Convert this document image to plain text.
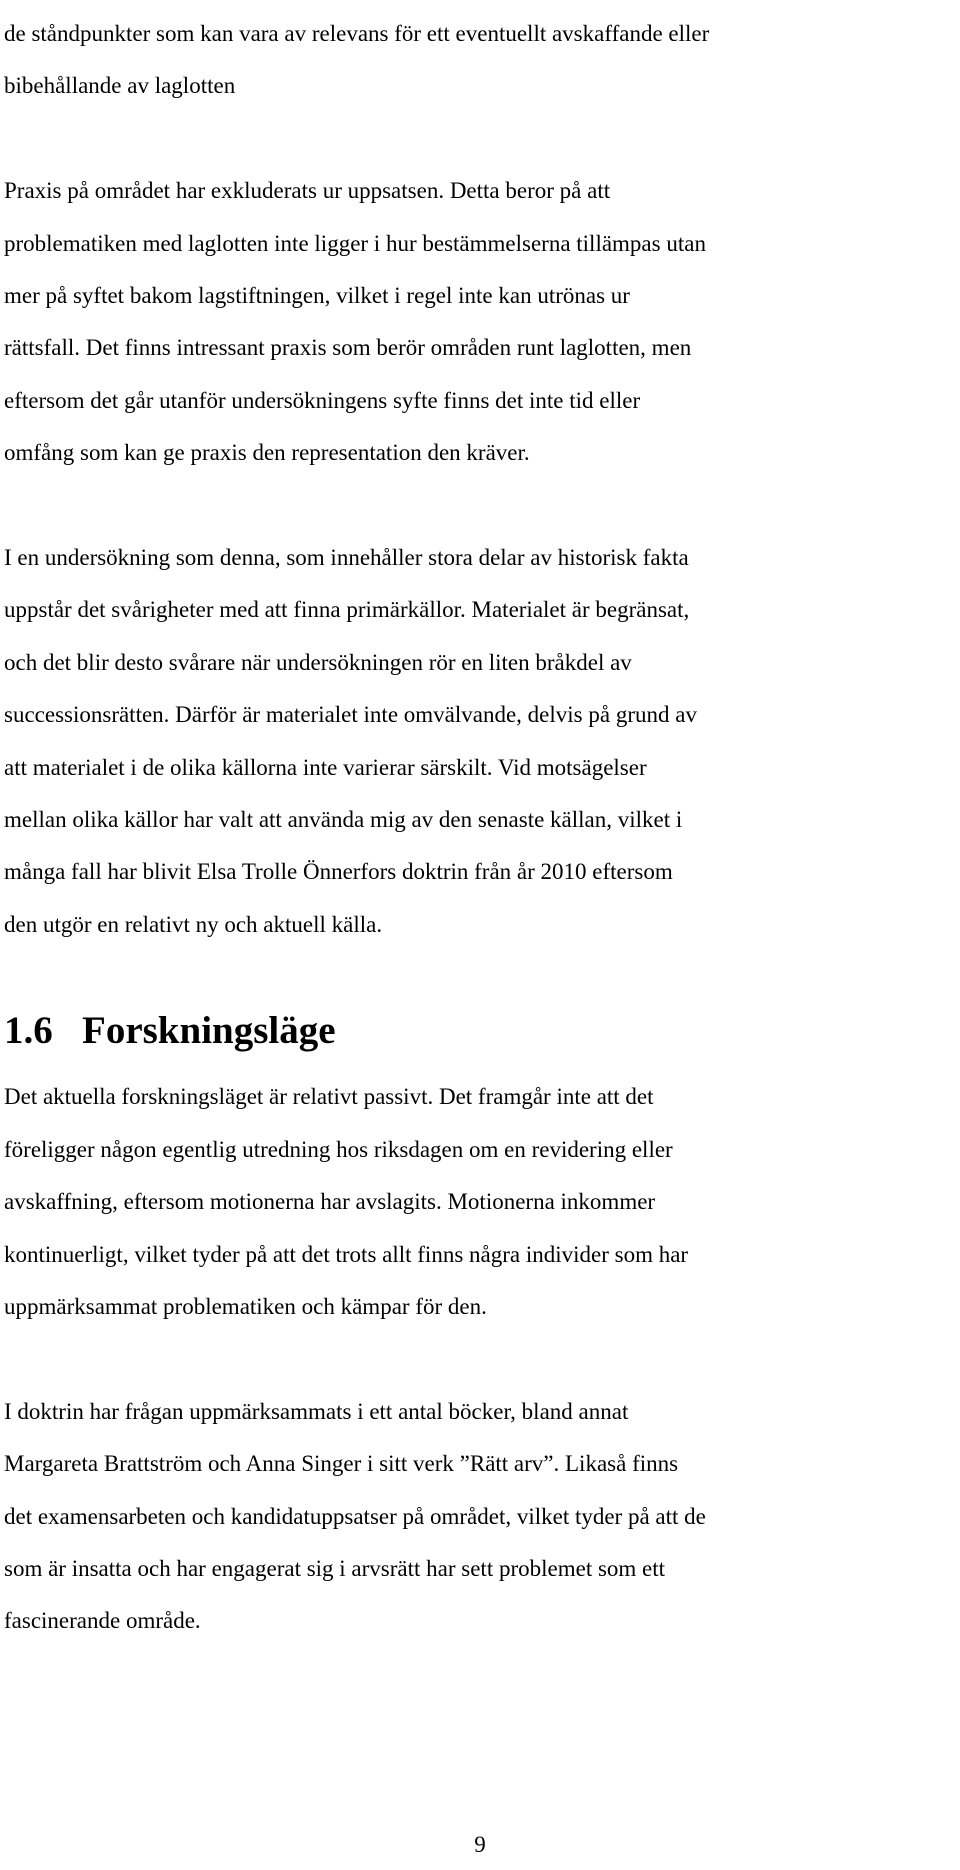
de ståndpunkter som kan vara av relevans för ett eventuellt avskaffande eller
bibehållande av laglotten
Praxis på området har exkluderats ur uppsatsen. Detta beror på att
problematiken med laglotten inte ligger i hur bestämmelserna tillämpas utan
mer på syftet bakom lagstiftningen, vilket i regel inte kan utrönas ur
rättsfall. Det finns intressant praxis som berör områden runt laglotten, men
eftersom det går utanför undersökningens syfte finns det inte tid eller
omfång som kan ge praxis den representation den kräver.
I en undersökning som denna, som innehåller stora delar av historisk fakta
uppstår det svårigheter med att finna primärkällor. Materialet är begränsat,
och det blir desto svårare när undersökningen rör en liten bråkdel av
successionsrätten. Därför är materialet inte omvälvande, delvis på grund av
att materialet i de olika källorna inte varierar särskilt. Vid motsägelser
mellan olika källor har valt att använda mig av den senaste källan, vilket i
många fall har blivit Elsa Trolle Önnerfors doktrin från år 2010 eftersom
den utgör en relativt ny och aktuell källa.
1.6 Forskningsläge
Det aktuella forskningsläget är relativt passivt. Det framgår inte att det
föreligger någon egentlig utredning hos riksdagen om en revidering eller
avskaffning, eftersom motionerna har avslagits. Motionerna inkommer
kontinuerligt, vilket tyder på att det trots allt finns några individer som har
uppmärksammat problematiken och kämpar för den.
I doktrin har frågan uppmärksammats i ett antal böcker, bland annat
Margareta Brattström och Anna Singer i sitt verk ”Rätt arv”. Likaså finns
det examensarbeten och kandidatuppsatser på området, vilket tyder på att de
som är insatta och har engagerat sig i arvsrätt har sett problemet som ett
fascinerande område.
9
